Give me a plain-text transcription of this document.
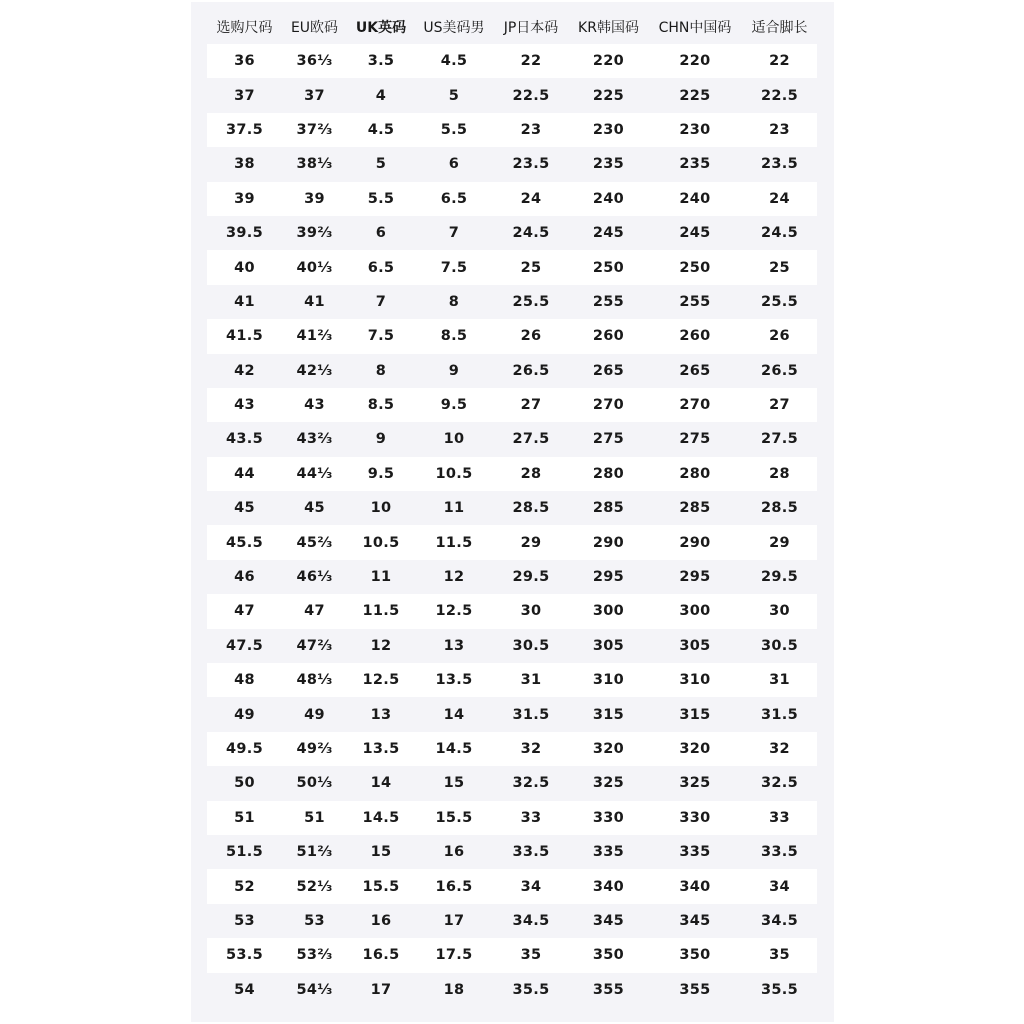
选购尺码	EU欧码	UK英码	US美码男	JP日本码	KR韩国码	CHN中国码	适合脚长
36	36⅓	3.5	4.5	22	220	220	22
37	37	4	5	22.5	225	225	22.5
37.5	37⅔	4.5	5.5	23	230	230	23
38	38⅓	5	6	23.5	235	235	23.5
39	39	5.5	6.5	24	240	240	24
39.5	39⅔	6	7	24.5	245	245	24.5
40	40⅓	6.5	7.5	25	250	250	25
41	41	7	8	25.5	255	255	25.5
41.5	41⅔	7.5	8.5	26	260	260	26
42	42⅓	8	9	26.5	265	265	26.5
43	43	8.5	9.5	27	270	270	27
43.5	43⅔	9	10	27.5	275	275	27.5
44	44⅓	9.5	10.5	28	280	280	28
45	45	10	11	28.5	285	285	28.5
45.5	45⅔	10.5	11.5	29	290	290	29
46	46⅓	11	12	29.5	295	295	29.5
47	47	11.5	12.5	30	300	300	30
47.5	47⅔	12	13	30.5	305	305	30.5
48	48⅓	12.5	13.5	31	310	310	31
49	49	13	14	31.5	315	315	31.5
49.5	49⅔	13.5	14.5	32	320	320	32
50	50⅓	14	15	32.5	325	325	32.5
51	51	14.5	15.5	33	330	330	33
51.5	51⅔	15	16	33.5	335	335	33.5
52	52⅓	15.5	16.5	34	340	340	34
53	53	16	17	34.5	345	345	34.5
53.5	53⅔	16.5	17.5	35	350	350	35
54	54⅓	17	18	35.5	355	355	35.5
